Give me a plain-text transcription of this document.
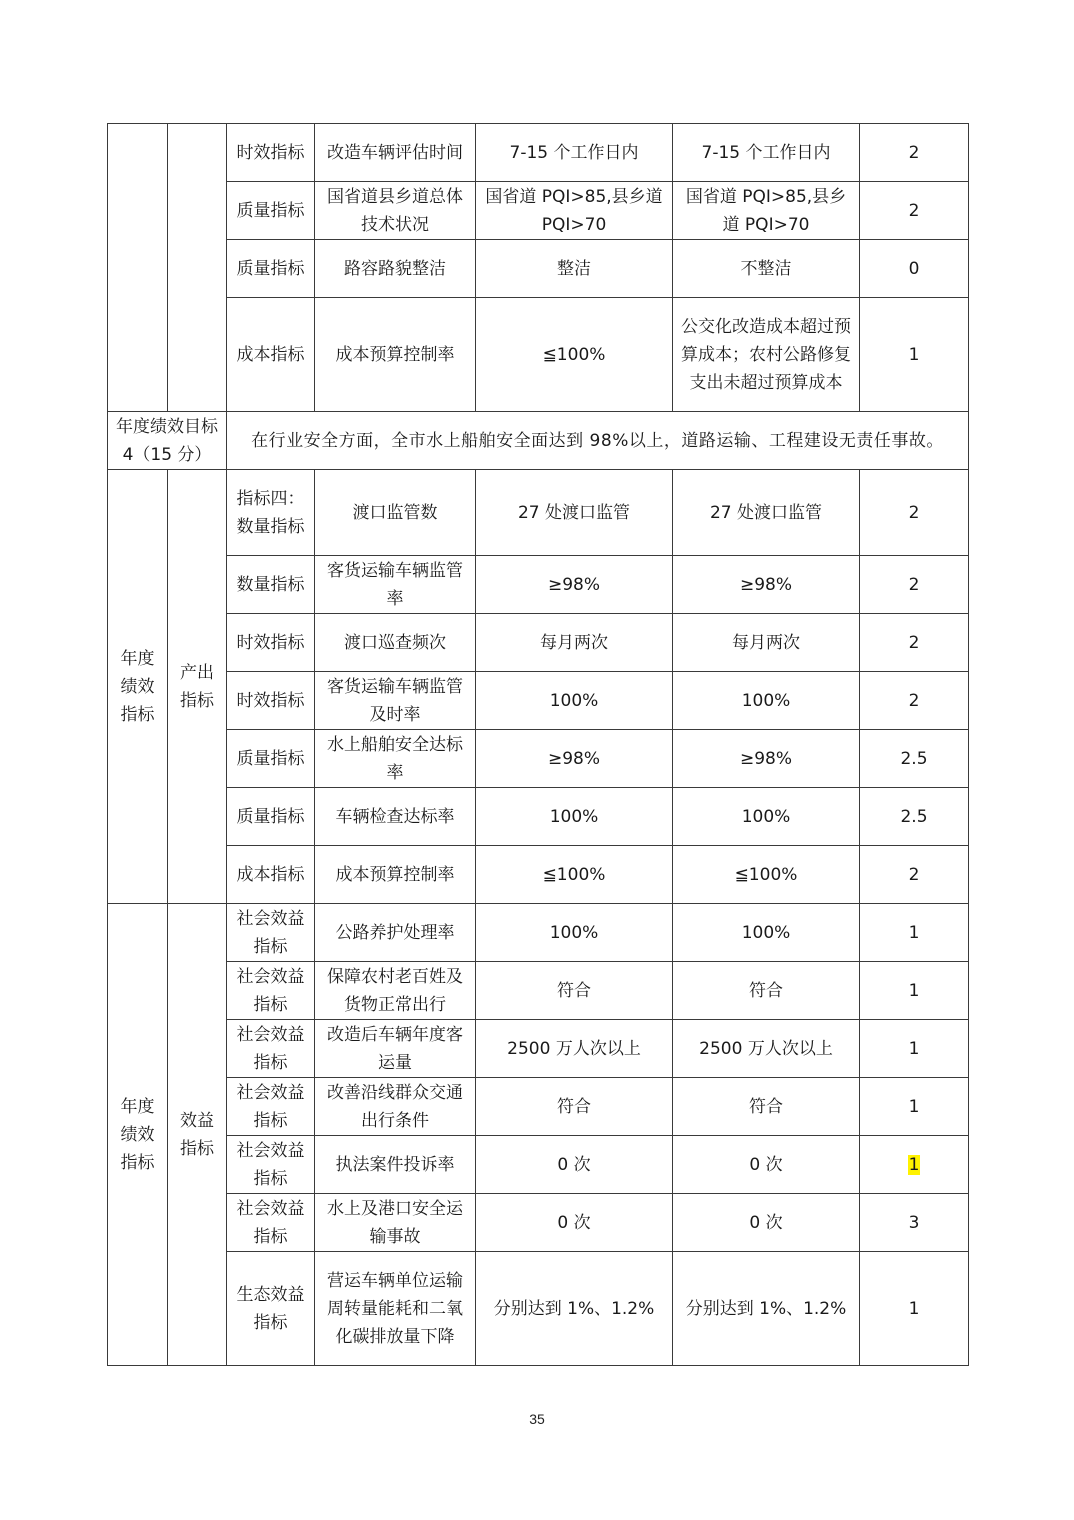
		时效指标	改造车辆评估时间	7-15 个工作日内	7-15 个工作日内	2
		质量指标	国省道县乡道总体技术状况	国省道 PQI>85,县乡道 PQI>70	国省道 PQI>85,县乡道 PQI>70	2
		质量指标	路容路貌整洁	整洁	不整洁	0
		成本指标	成本预算控制率	≦100%	公交化改造成本超过预算成本；农村公路修复支出未超过预算成本	1
年度绩效目标 4（15 分）		在行业安全方面，全市水上船舶安全面达到 98%以上，道路运输、工程建设无责任事故。				
年度绩效指标	产出指标	指标四：数量指标	渡口监管数	27 处渡口监管	27 处渡口监管	2
		数量指标	客货运输车辆监管率	≥98%	≥98%	2
		时效指标	渡口巡查频次	每月两次	每月两次	2
		时效指标	客货运输车辆监管及时率	100%	100%	2
		质量指标	水上船舶安全达标率	≥98%	≥98%	2.5
		质量指标	车辆检查达标率	100%	100%	2.5
		成本指标	成本预算控制率	≦100%	≦100%	2
年度绩效指标	效益指标	社会效益指标	公路养护处理率	100%	100%	1
		社会效益指标	保障农村老百姓及货物正常出行	符合	符合	1
		社会效益指标	改造后车辆年度客运量	2500 万人次以上	2500 万人次以上	1
		社会效益指标	改善沿线群众交通出行条件	符合	符合	1
		社会效益指标	执法案件投诉率	0 次	0 次	1
		社会效益指标	水上及港口安全运输事故	0 次	0 次	3
		生态效益指标	营运车辆单位运输周转量能耗和二氧化碳排放量下降	分别达到 1%、1.2%	分别达到 1%、1.2%	1
35
